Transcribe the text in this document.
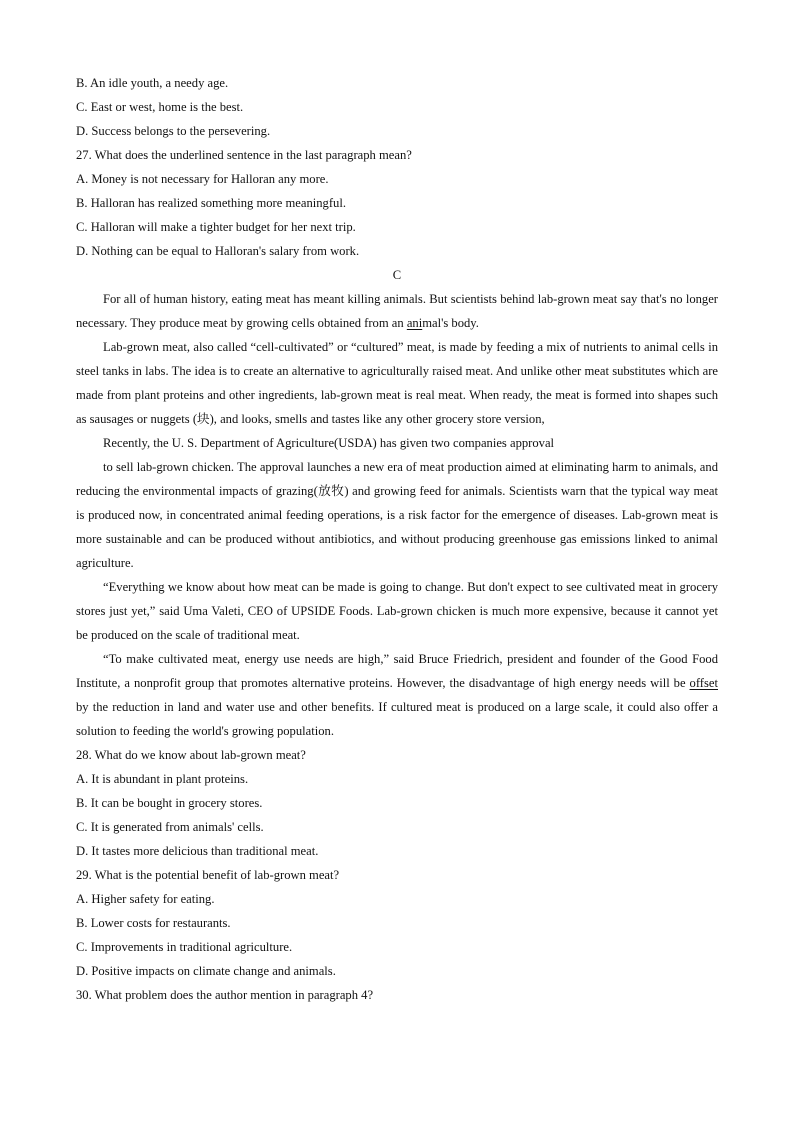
B. An idle youth, a needy age.

C. East or west, home is the best.

D. Success belongs to the persevering.

27. What does the underlined sentence in the last paragraph mean?

A. Money is not necessary for Halloran any more.

B. Halloran has realized something more meaningful.

C. Halloran will make a tighter budget for her next trip.

D. Nothing can be equal to Halloran's salary from work.

C

For all of human history, eating meat has meant killing animals. But scientists behind lab-grown meat say that's no longer necessary. They produce meat by growing cells obtained from an animal's body.

Lab-grown meat, also called “cell-cultivated” or “cultured” meat, is made by feeding a mix of nutrients to animal cells in steel tanks in labs. The idea is to create an alternative to agriculturally raised meat. And unlike other meat substitutes which are made from plant proteins and other ingredients, lab-grown meat is real meat. When ready, the meat is formed into shapes such as sausages or nuggets (块), and looks, smells and tastes like any other grocery store version,

Recently, the U. S. Department of Agriculture(USDA) has given two companies approval

to sell lab-grown chicken. The approval launches a new era of meat production aimed at eliminating harm to animals, and reducing the environmental impacts of grazing(放牧) and growing feed for animals. Scientists warn that the typical way meat is produced now, in concentrated animal feeding operations, is a risk factor for the emergence of diseases. Lab-grown meat is more sustainable and can be produced without antibiotics, and without producing greenhouse gas emissions linked to animal agriculture.

“Everything we know about how meat can be made is going to change. But don't expect to see cultivated meat in grocery stores just yet,” said Uma Valeti, CEO of UPSIDE Foods. Lab-grown chicken is much more expensive, because it cannot yet be produced on the scale of traditional meat.

“To make cultivated meat, energy use needs are high,” said Bruce Friedrich, president and founder of the Good Food Institute, a nonprofit group that promotes alternative proteins. However, the disadvantage of high energy needs will be offset by the reduction in land and water use and other benefits. If cultured meat is produced on a large scale, it could also offer a solution to feeding the world's growing population.

28. What do we know about lab-grown meat?

A. It is abundant in plant proteins.

B. It can be bought in grocery stores.

C. It is generated from animals' cells.

D. It tastes more delicious than traditional meat.

29. What is the potential benefit of lab-grown meat?

A. Higher safety for eating.

B. Lower costs for restaurants.

C. Improvements in traditional agriculture.

D. Positive impacts on climate change and animals.

30. What problem does the author mention in paragraph 4?
